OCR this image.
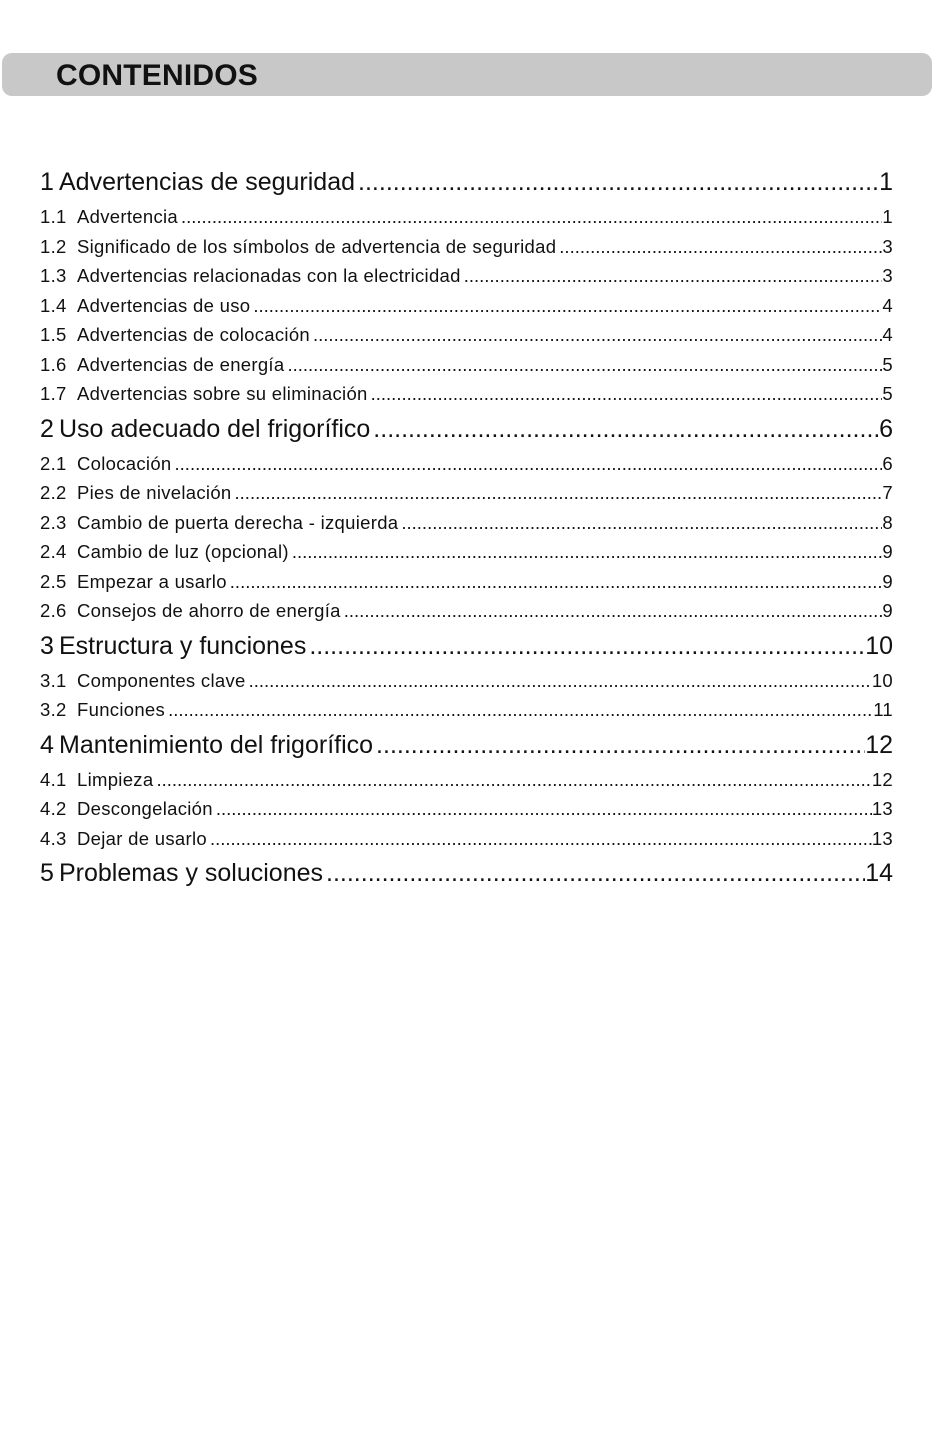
CONTENIDOS
1 Advertencias de seguridad .....	1
1.1 Advertencia .....	1
1.2 Significado de los símbolos de advertencia de seguridad .....	3
1.3 Advertencias relacionadas con la electricidad .....	3
1.4 Advertencias de uso .....	4
1.5 Advertencias de colocación .....	4
1.6 Advertencias de energía .....	5
1.7 Advertencias sobre su eliminación .....	5
2 Uso adecuado del frigorífico .....	6
2.1 Colocación .....	6
2.2 Pies de nivelación .....	7
2.3 Cambio de puerta derecha - izquierda .....	8
2.4 Cambio de luz (opcional) .....	9
2.5 Empezar a usarlo .....	9
2.6 Consejos de ahorro de energía .....	9
3 Estructura y funciones .....	10
3.1 Componentes clave .....	10
3.2 Funciones .....	11
4 Mantenimiento del frigorífico .....	12
4.1 Limpieza .....	12
4.2 Descongelación .....	13
4.3 Dejar de usarlo .....	13
5 Problemas y soluciones .....	14
